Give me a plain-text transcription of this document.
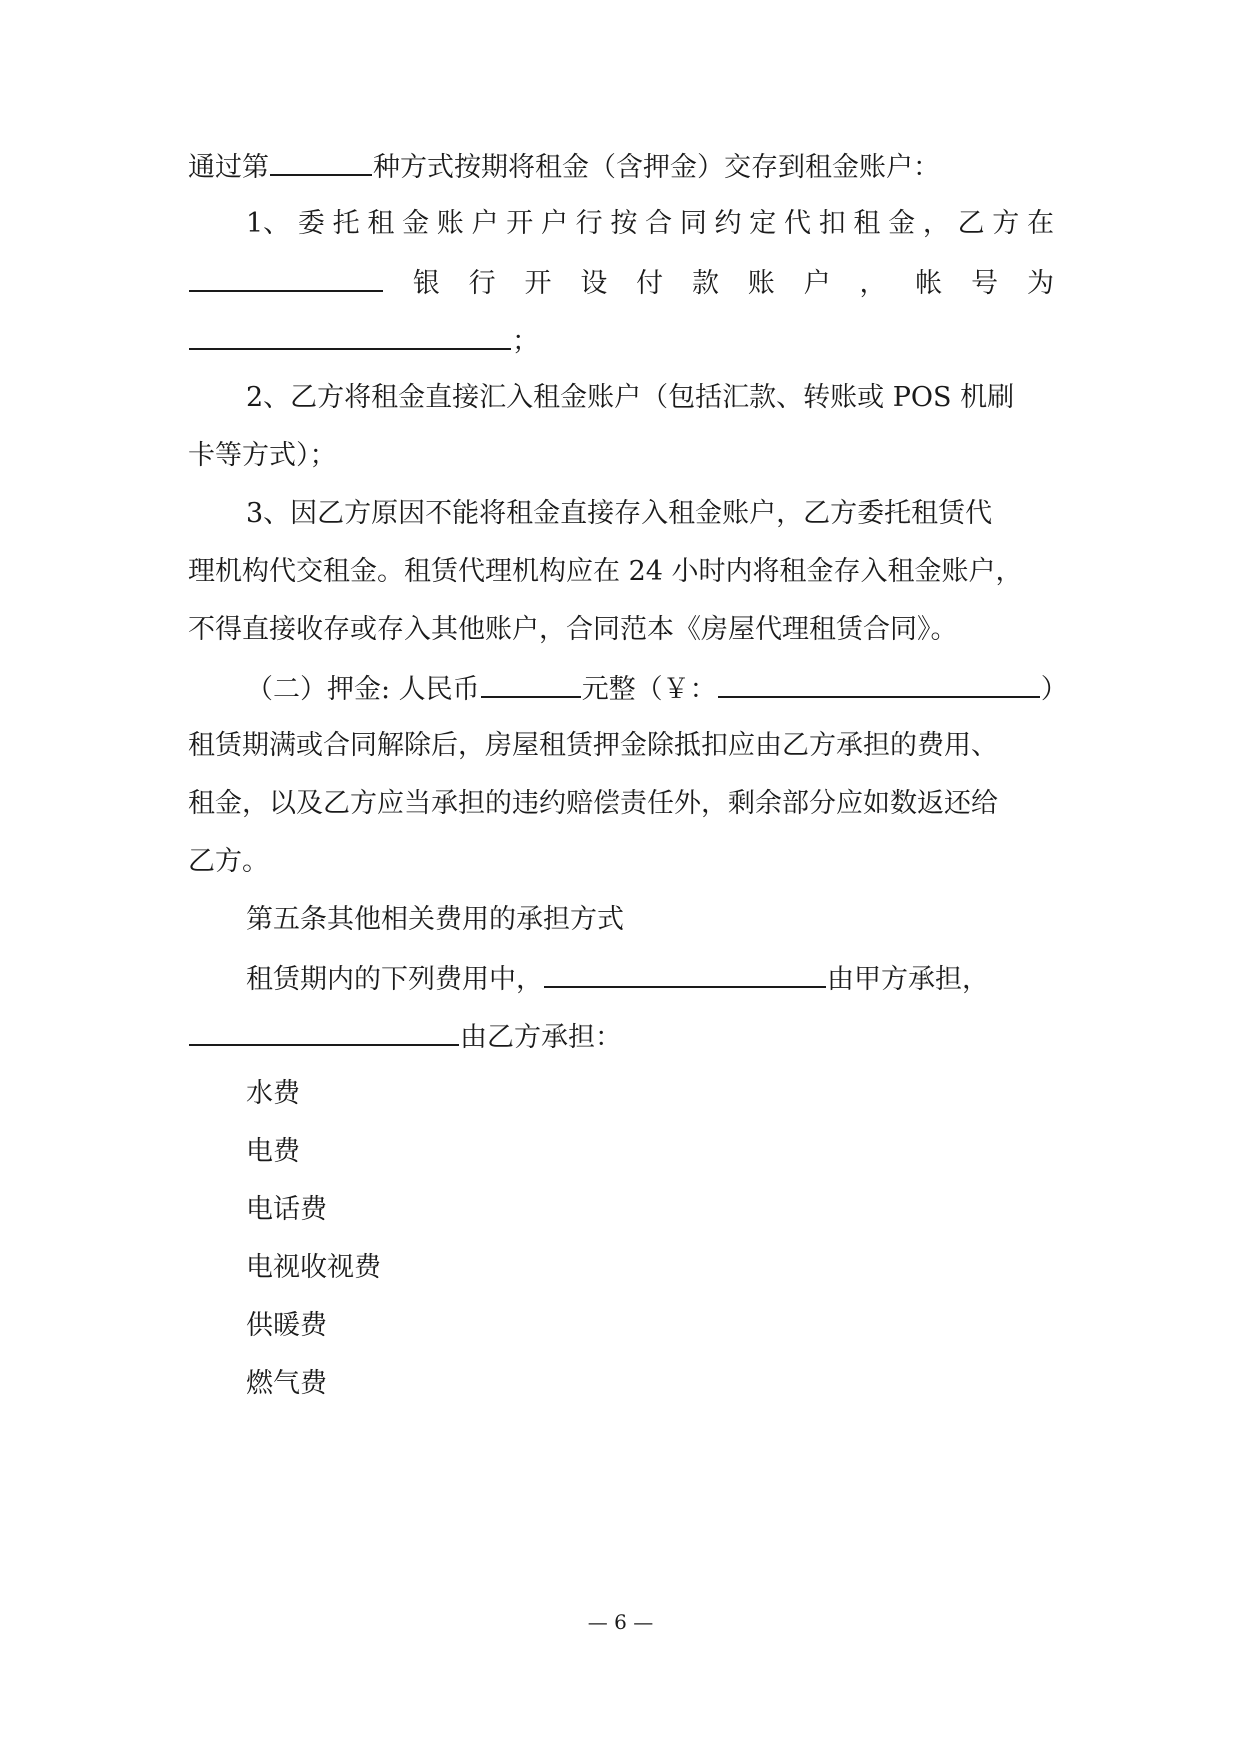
通过第	种方式按期将租金（含押金）交存到租金账户：
1、 委 托 租 金 账 户 开 户 行 按 合 同 约 定 代 扣 租 金 ， 乙 方 在
银 行 开 设 付 款 账 户 ， 帐 号 为
；
2、乙方将租金直接汇入租金账户（包括汇款、转账或 POS 机刷
卡等方式）；
3、因乙方原因不能将租金直接存入租金账户，乙方委托租赁代
理机构代交租金。租赁代理机构应在 24 小时内将租金存入租金账户，
不得直接收存或存入其他账户，合同范本《房屋代理租赁合同》。
（二）押金: 人民币	元整（￥：	）
租赁期满或合同解除后，房屋租赁押金除抵扣应由乙方承担的费用、
租金，以及乙方应当承担的违约赔偿责任外，剩余部分应如数返还给
乙方。
第五条其他相关费用的承担方式
租赁期内的下列费用中，	由甲方承担，
由乙方承担：
水费
电费
电话费
电视收视费
供暖费
燃气费
— 6 —
